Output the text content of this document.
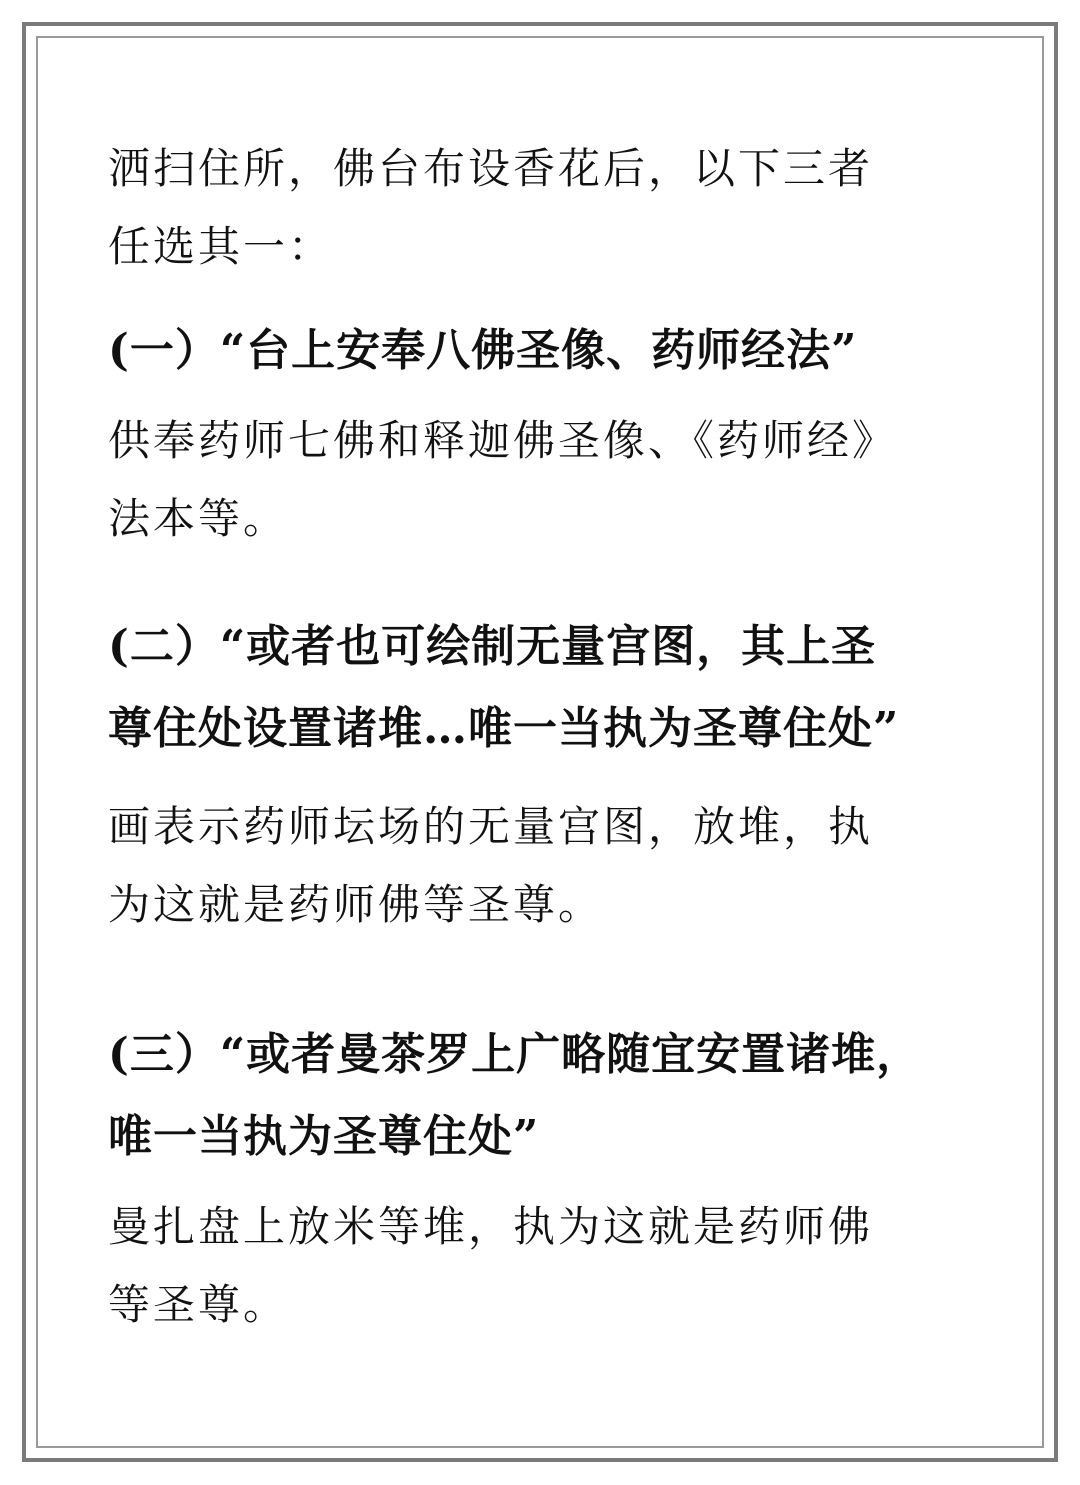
洒扫住所，佛台布设香花后，以下三者

任选其一：

(一）“台上安奉八佛圣像、药师经法”

供奉药师七佛和释迦佛圣像、《药师经》

法本等。

(二）“或者也可绘制无量宫图，其上圣

尊住处设置诸堆…唯一当执为圣尊住处”

画表示药师坛场的无量宫图，放堆，执

为这就是药师佛等圣尊。

(三）“或者曼茶罗上广略随宜安置诸堆，

唯一当执为圣尊住处”

曼扎盘上放米等堆，执为这就是药师佛

等圣尊。
